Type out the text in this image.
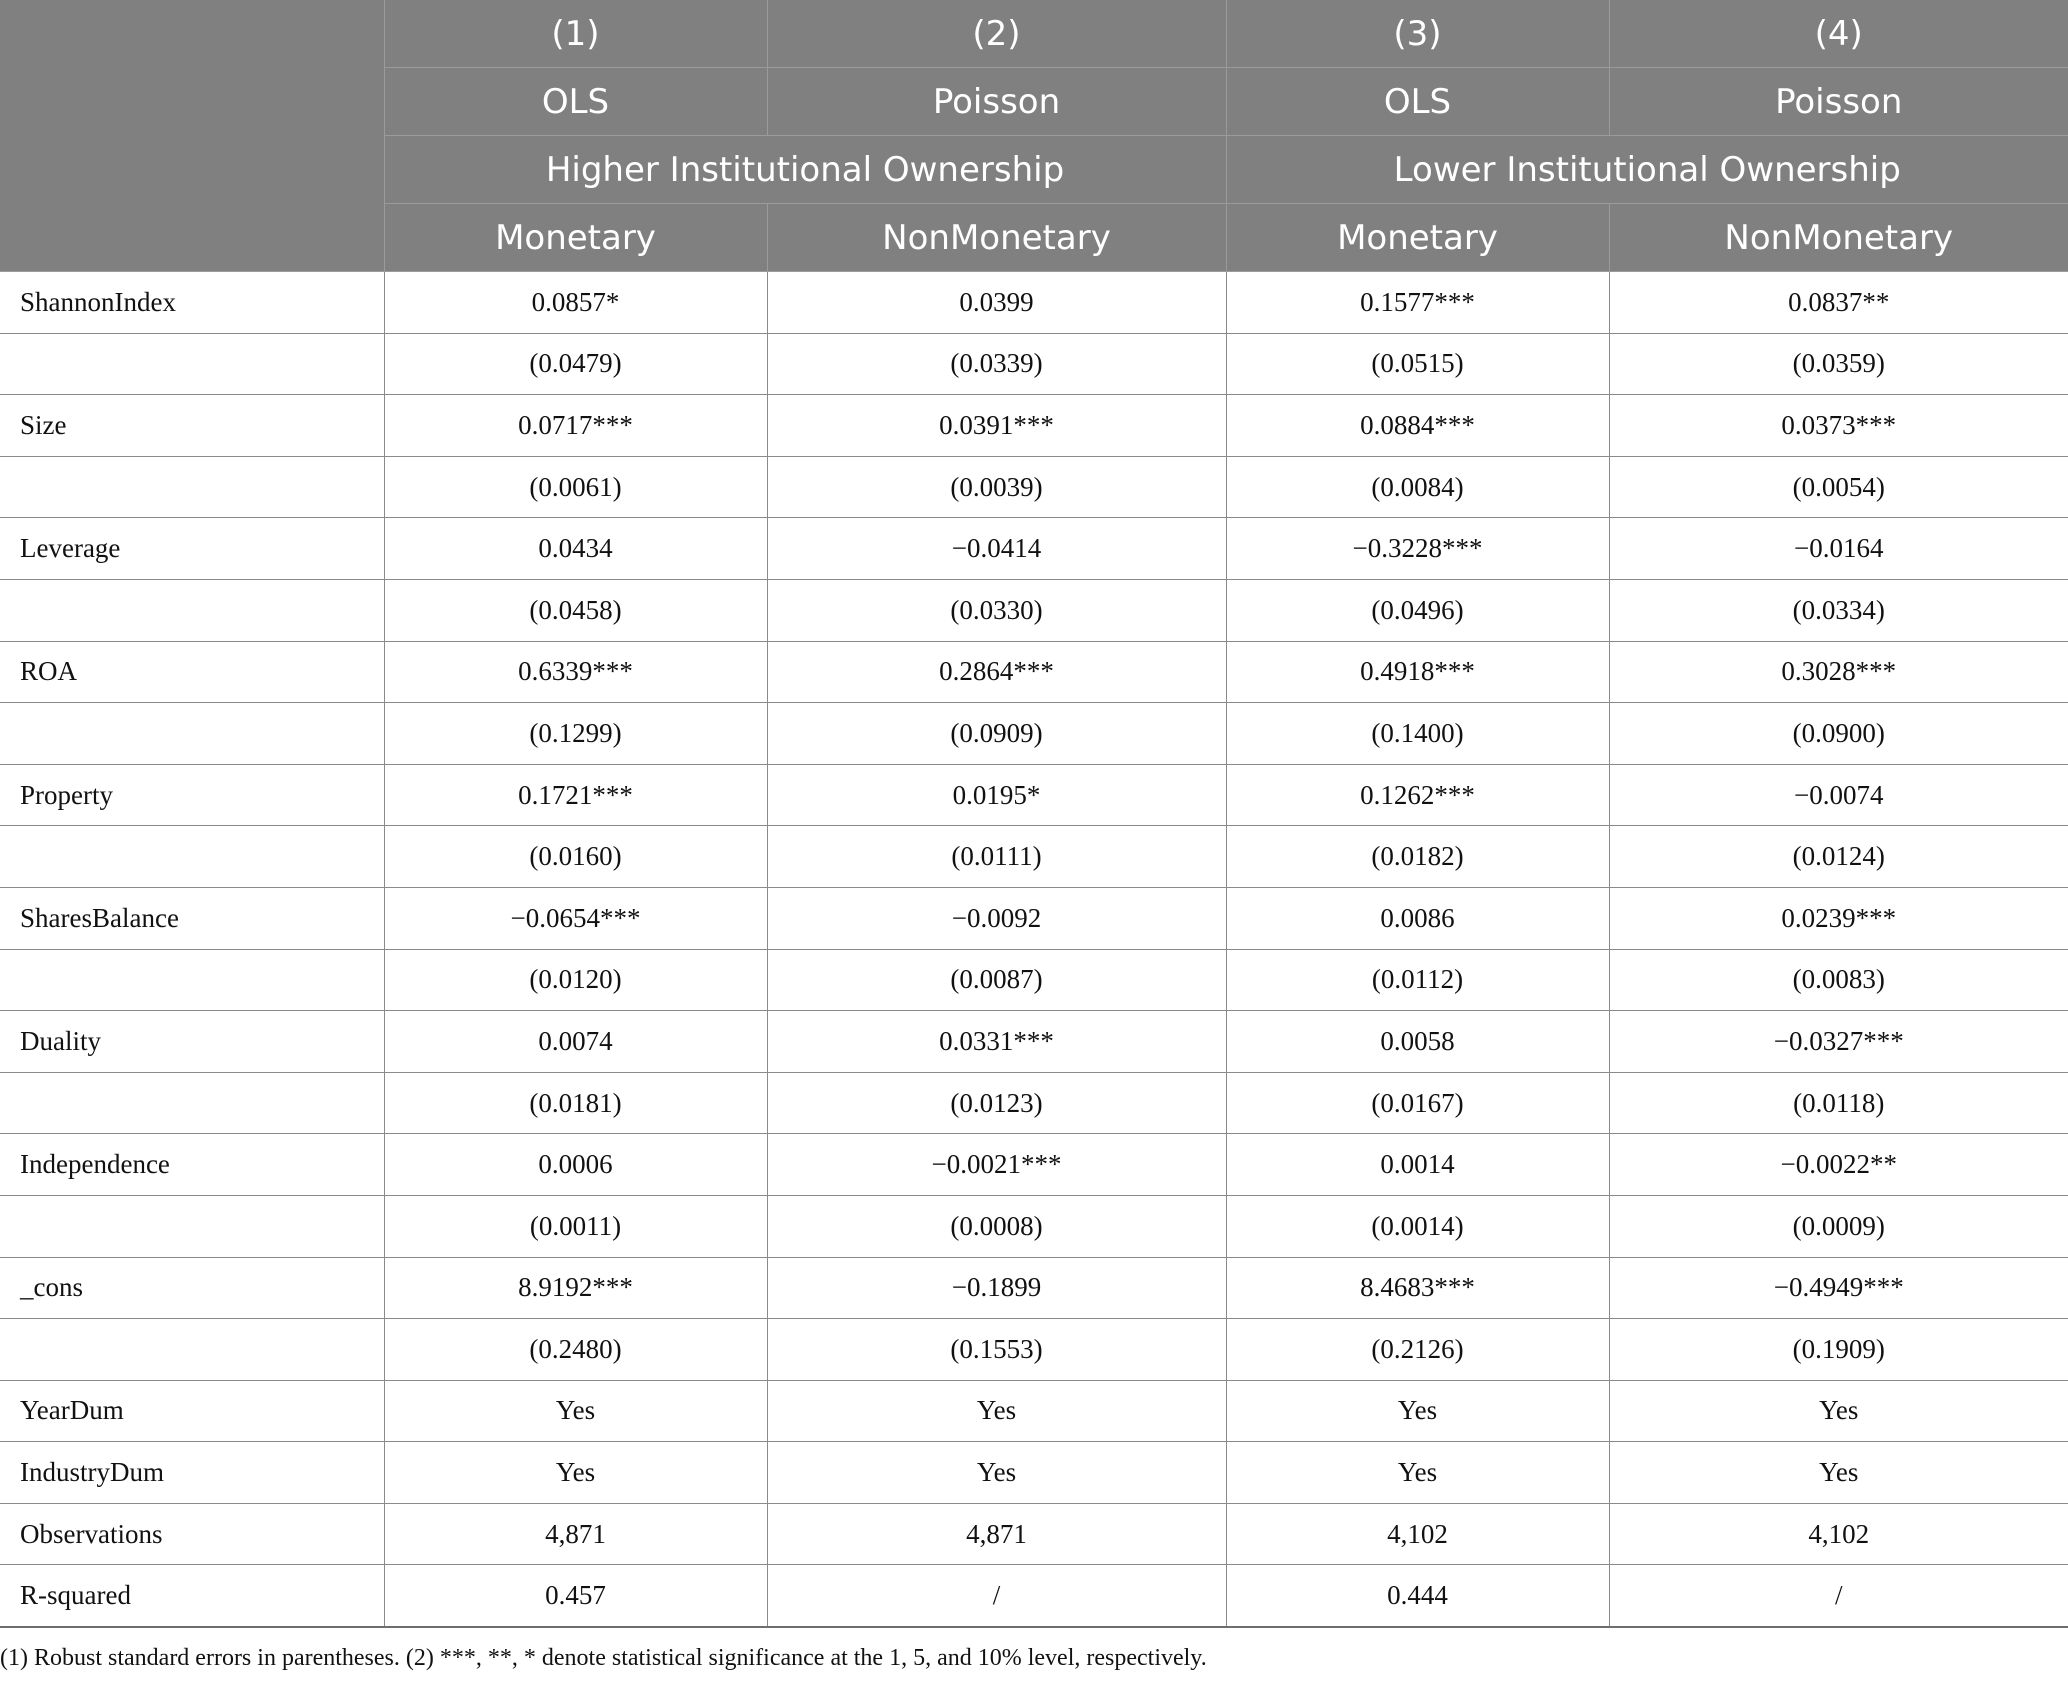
	(1)	(2)	(3)	(4)
	OLS	Poisson	OLS	Poisson
	Higher Institutional Ownership		Lower Institutional Ownership	
	Monetary	NonMonetary	Monetary	NonMonetary
ShannonIndex	0.0857*	0.0399	0.1577***	0.0837**
	(0.0479)	(0.0339)	(0.0515)	(0.0359)
Size	0.0717***	0.0391***	0.0884***	0.0373***
	(0.0061)	(0.0039)	(0.0084)	(0.0054)
Leverage	0.0434	−0.0414	−0.3228***	−0.0164
	(0.0458)	(0.0330)	(0.0496)	(0.0334)
ROA	0.6339***	0.2864***	0.4918***	0.3028***
	(0.1299)	(0.0909)	(0.1400)	(0.0900)
Property	0.1721***	0.0195*	0.1262***	−0.0074
	(0.0160)	(0.0111)	(0.0182)	(0.0124)
SharesBalance	−0.0654***	−0.0092	0.0086	0.0239***
	(0.0120)	(0.0087)	(0.0112)	(0.0083)
Duality	0.0074	0.0331***	0.0058	−0.0327***
	(0.0181)	(0.0123)	(0.0167)	(0.0118)
Independence	0.0006	−0.0021***	0.0014	−0.0022**
	(0.0011)	(0.0008)	(0.0014)	(0.0009)
_cons	8.9192***	−0.1899	8.4683***	−0.4949***
	(0.2480)	(0.1553)	(0.2126)	(0.1909)
YearDum	Yes	Yes	Yes	Yes
IndustryDum	Yes	Yes	Yes	Yes
Observations	4,871	4,871	4,102	4,102
R-squared	0.457	/	0.444	/
(1) Robust standard errors in parentheses. (2) ***, **, * denote statistical significance at the 1, 5, and 10% level, respectively.
